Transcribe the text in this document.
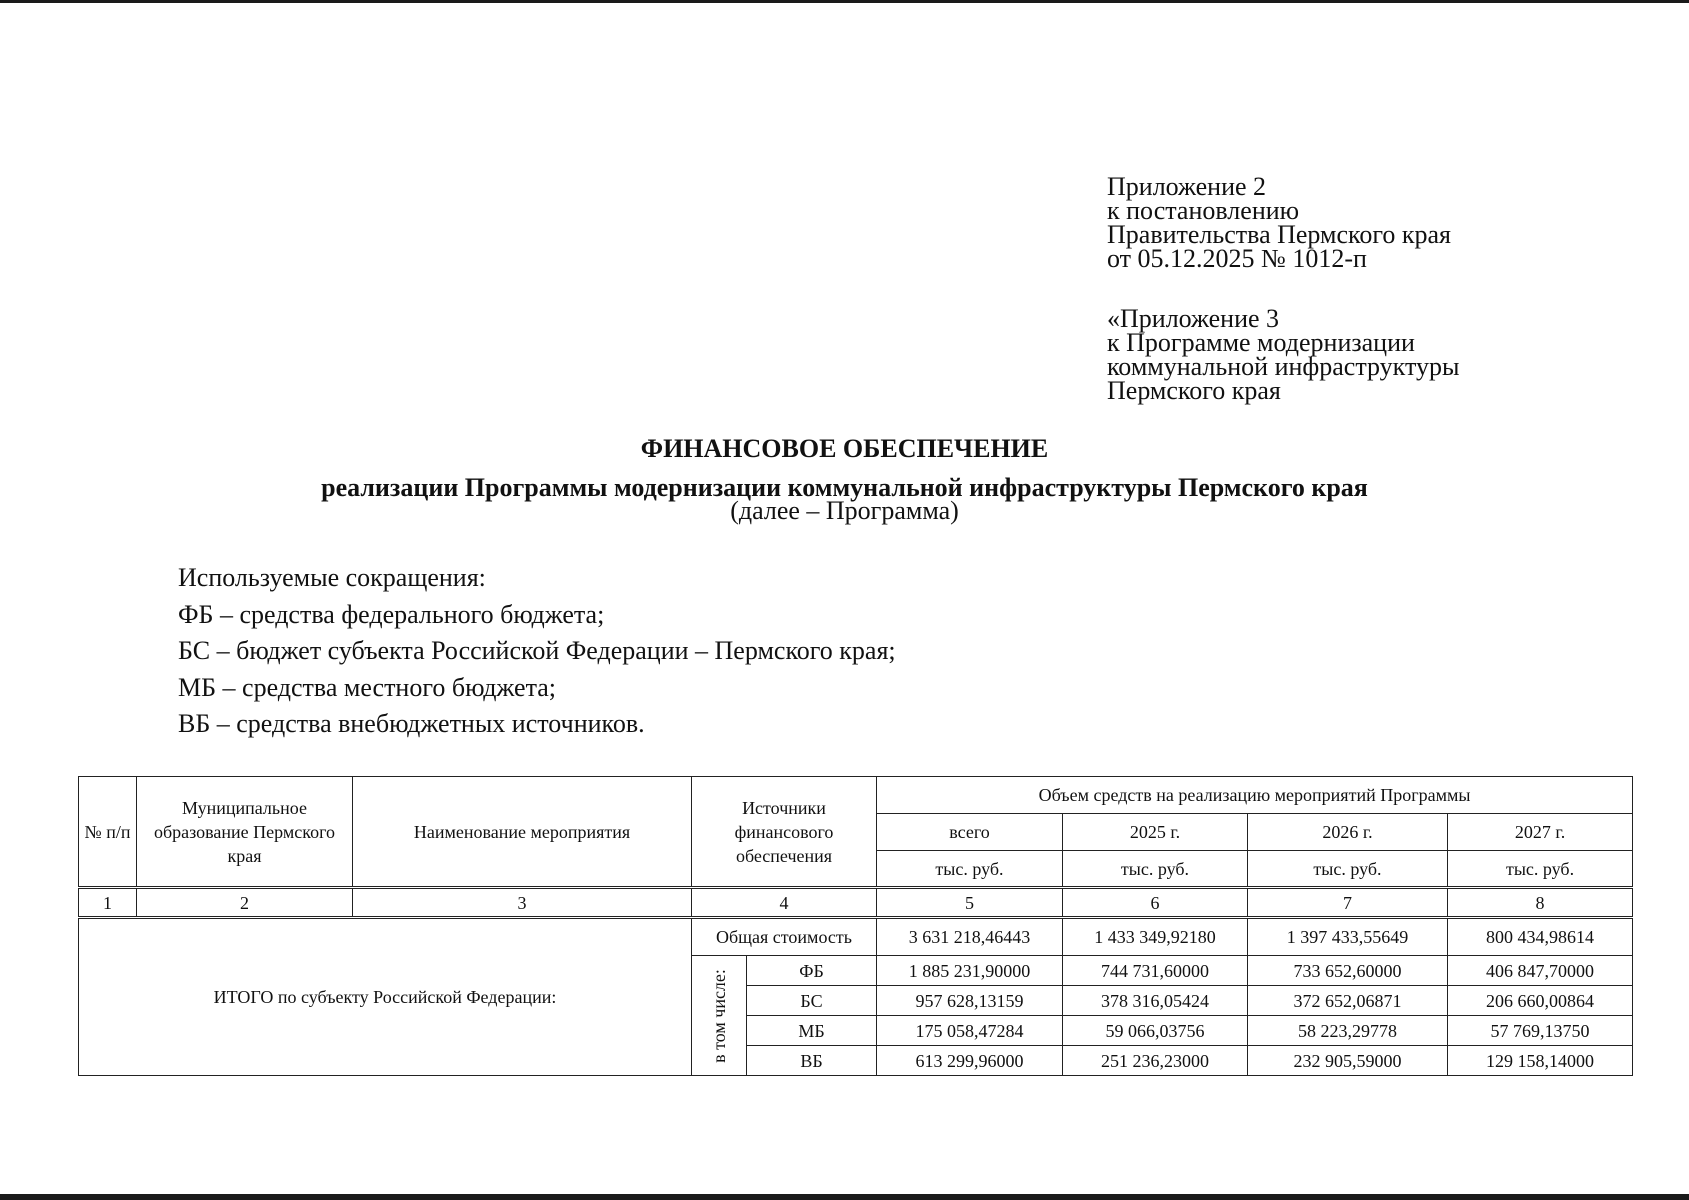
Приложение 2
к постановлению
Правительства Пермского края
от 05.12.2025 № 1012-п
«Приложение 3
к Программе модернизации
коммунальной инфраструктуры
Пермского края
ФИНАНСОВОЕ ОБЕСПЕЧЕНИЕ
реализации Программы модернизации коммунальной инфраструктуры Пермского края
(далее – Программа)
Используемые сокращения:
ФБ – средства федерального бюджета;
БС – бюджет субъекта Российской Федерации – Пермского края;
МБ – средства местного бюджета;
ВБ – средства внебюджетных источников.
№ п/п	Муниципальное образование Пермского края	Наименование мероприятия	Источники финансового обеспечения		Объем средств на реализацию мероприятий Программы			
					всего	2025 г.	2026 г.	2027 г.
					тыс. руб.	тыс. руб.	тыс. руб.	тыс. руб.
1	2	3	4		5	6	7	8
ИТОГО по субъекту Российской Федерации:			Общая стоимость		3 631 218,46443	1 433 349,92180	1 397 433,55649	800 434,98614

			в том числе:	ФБ	1 885 231,90000	744 731,60000	733 652,60000	406 847,70000
				БС	957 628,13159	378 316,05424	372 652,06871	206 660,00864
				МБ	175 058,47284	59 066,03756	58 223,29778	57 769,13750
				ВБ	613 299,96000	251 236,23000	232 905,59000	129 158,14000
